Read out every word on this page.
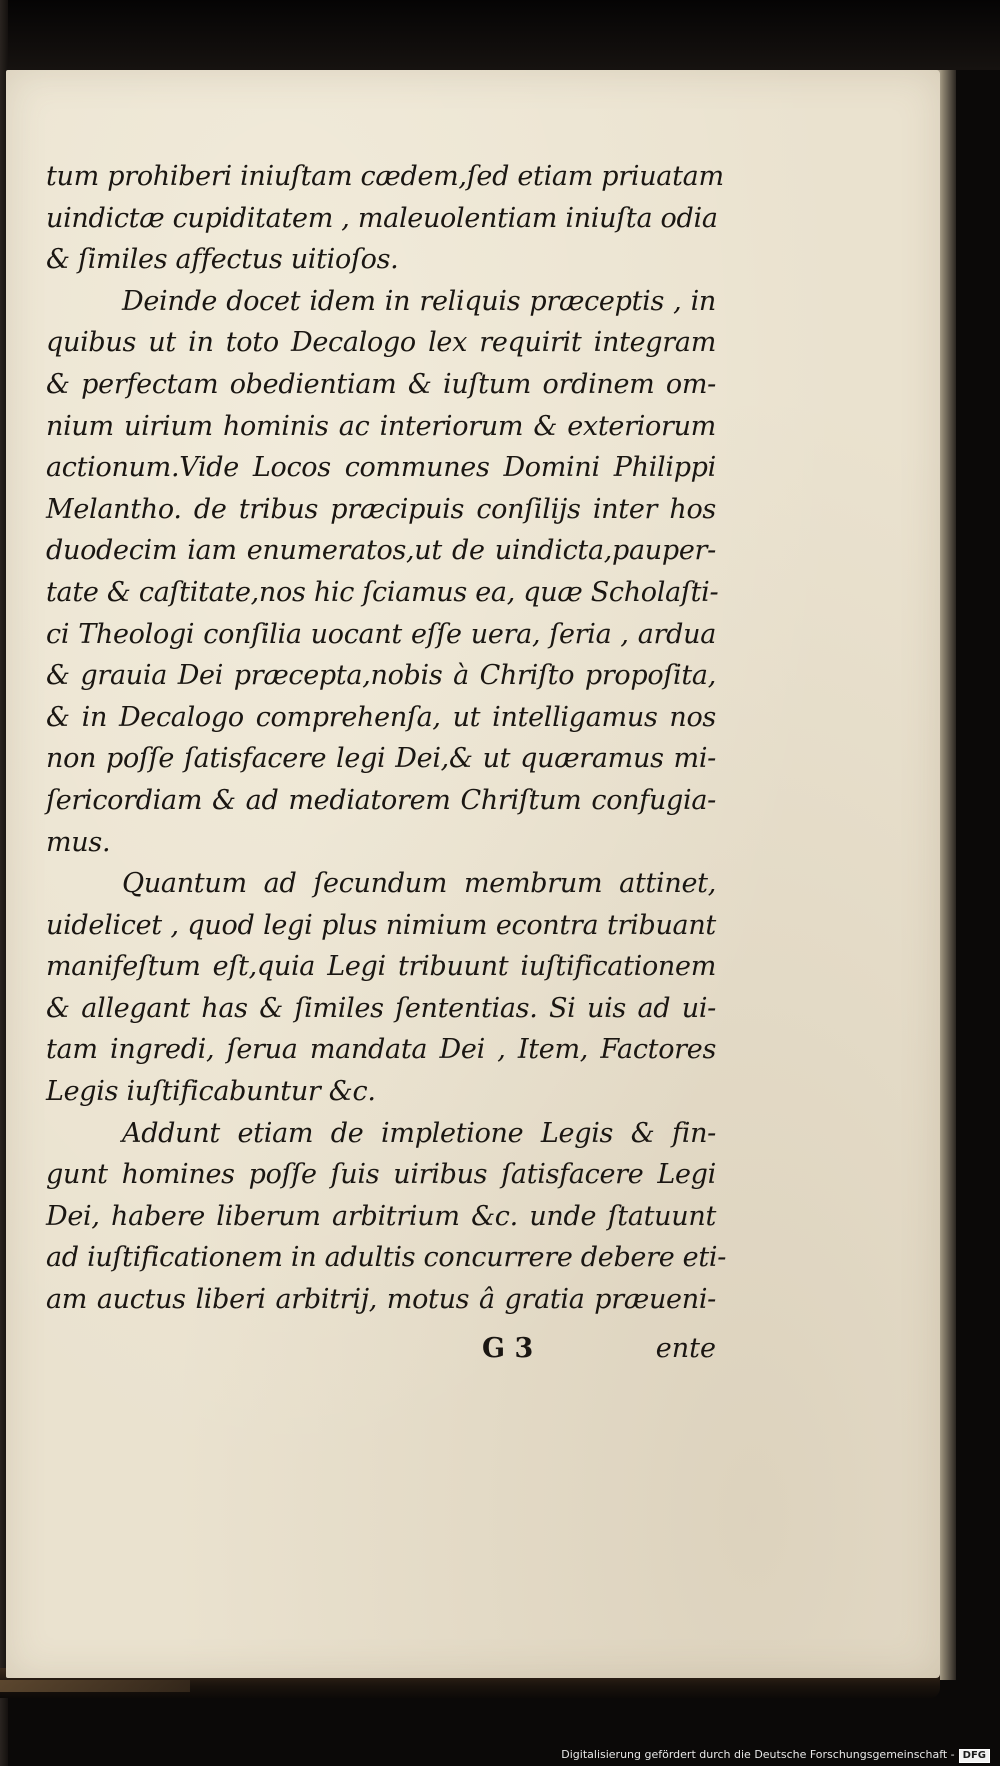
tum prohiberi iniuſtam cædem,ſed etiam priuatam
uindictæ cupiditatem , maleuolentiam iniuſta odia
& ſimiles affectus uitioſos.
Deinde docet idem in reliquis præceptis , in
quibus ut in toto Decalogo lex requirit integram
& perfectam obedientiam & iuſtum ordinem om-
nium uirium hominis ac interiorum & exteriorum
actionum.Vide Locos communes Domini Philippi
Melantho. de tribus præcipuis conſilijs inter hos
duodecim iam enumeratos,ut de uindicta,pauper-
tate & caſtitate,nos hic ſciamus ea, quæ Scholaſti-
ci Theologi conſilia uocant eſſe uera, ſeria , ardua
& grauia Dei præcepta,nobis à Chriſto propoſita,
& in Decalogo comprehenſa, ut intelligamus nos
non poſſe ſatisfacere legi Dei,& ut quæramus mi-
ſericordiam & ad mediatorem Chriſtum confugia-
mus.
Quantum ad ſecundum membrum attinet,
uidelicet , quod legi plus nimium econtra tribuant
manifeſtum eſt,quia Legi tribuunt iuſtificationem
& allegant has & ſimiles ſententias. Si uis ad ui-
tam ingredi, ſerua mandata Dei , Item, Factores
Legis iuſtificabuntur &c.
Addunt etiam de impletione Legis & fin-
gunt homines poſſe ſuis uiribus ſatisfacere Legi
Dei, habere liberum arbitrium &c. unde ſtatuunt
ad iuſtificationem in adultis concurrere debere eti-
am auctus liberi arbitrij, motus â gratia præueni-
G 3	ente
Digitalisierung gefördert durch die Deutsche Forschungsgemeinschaft - DFG
